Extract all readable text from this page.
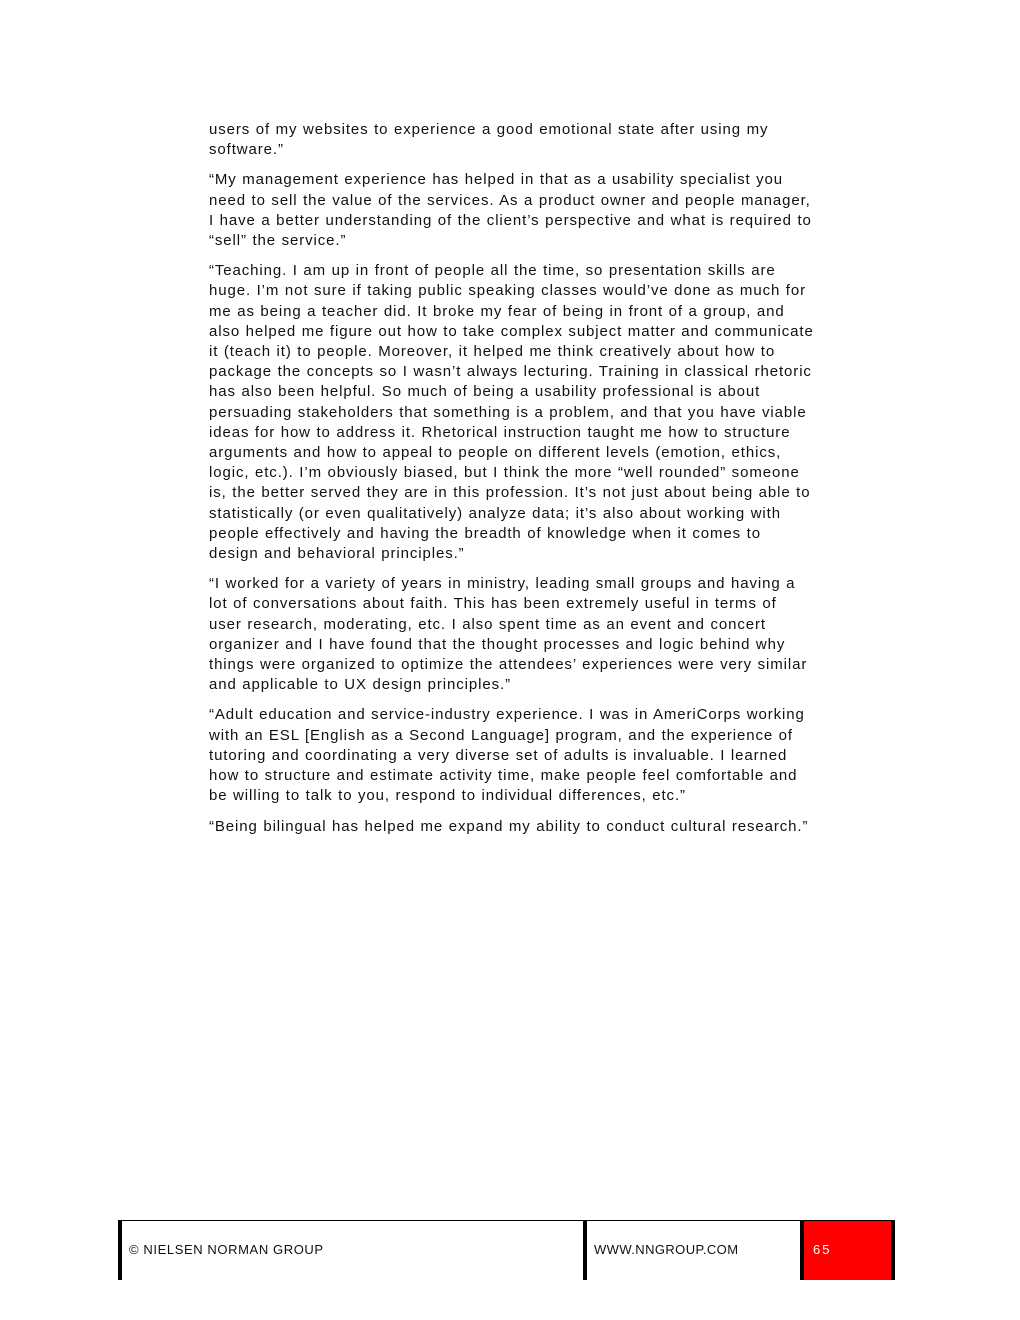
users of my websites to experience a good emotional state after using my software.”

“My management experience has helped in that as a usability specialist you need to sell the value of the services. As a product owner and people manager, I have a better understanding of the client’s perspective and what is required to “sell” the service.”

“Teaching. I am up in front of people all the time, so presentation skills are huge. I’m not sure if taking public speaking classes would’ve done as much for me as being a teacher did. It broke my fear of being in front of a group, and also helped me figure out how to take complex subject matter and communicate it (teach it) to people. Moreover, it helped me think creatively about how to package the concepts so I wasn’t always lecturing. Training in classical rhetoric has also been helpful. So much of being a usability professional is about persuading stakeholders that something is a problem, and that you have viable ideas for how to address it. Rhetorical instruction taught me how to structure arguments and how to appeal to people on different levels (emotion, ethics, logic, etc.). I’m obviously biased, but I think the more “well rounded” someone is, the better served they are in this profession. It’s not just about being able to statistically (or even qualitatively) analyze data; it’s also about working with people effectively and having the breadth of knowledge when it comes to design and behavioral principles.”

“I worked for a variety of years in ministry, leading small groups and having a lot of conversations about faith. This has been extremely useful in terms of user research, moderating, etc. I also spent time as an event and concert organizer and I have found that the thought processes and logic behind why things were organized to optimize the attendees’ experiences were very similar and applicable to UX design principles.”

“Adult education and service-industry experience. I was in AmeriCorps working with an ESL [English as a Second Language] program, and the experience of tutoring and coordinating a very diverse set of adults is invaluable. I learned how to structure and estimate activity time, make people feel comfortable and be willing to talk to you, respond to individual differences, etc.”

“Being bilingual has helped me expand my ability to conduct cultural research.”

© NIELSEN NORMAN GROUP	WWW.NNGROUP.COM	65
